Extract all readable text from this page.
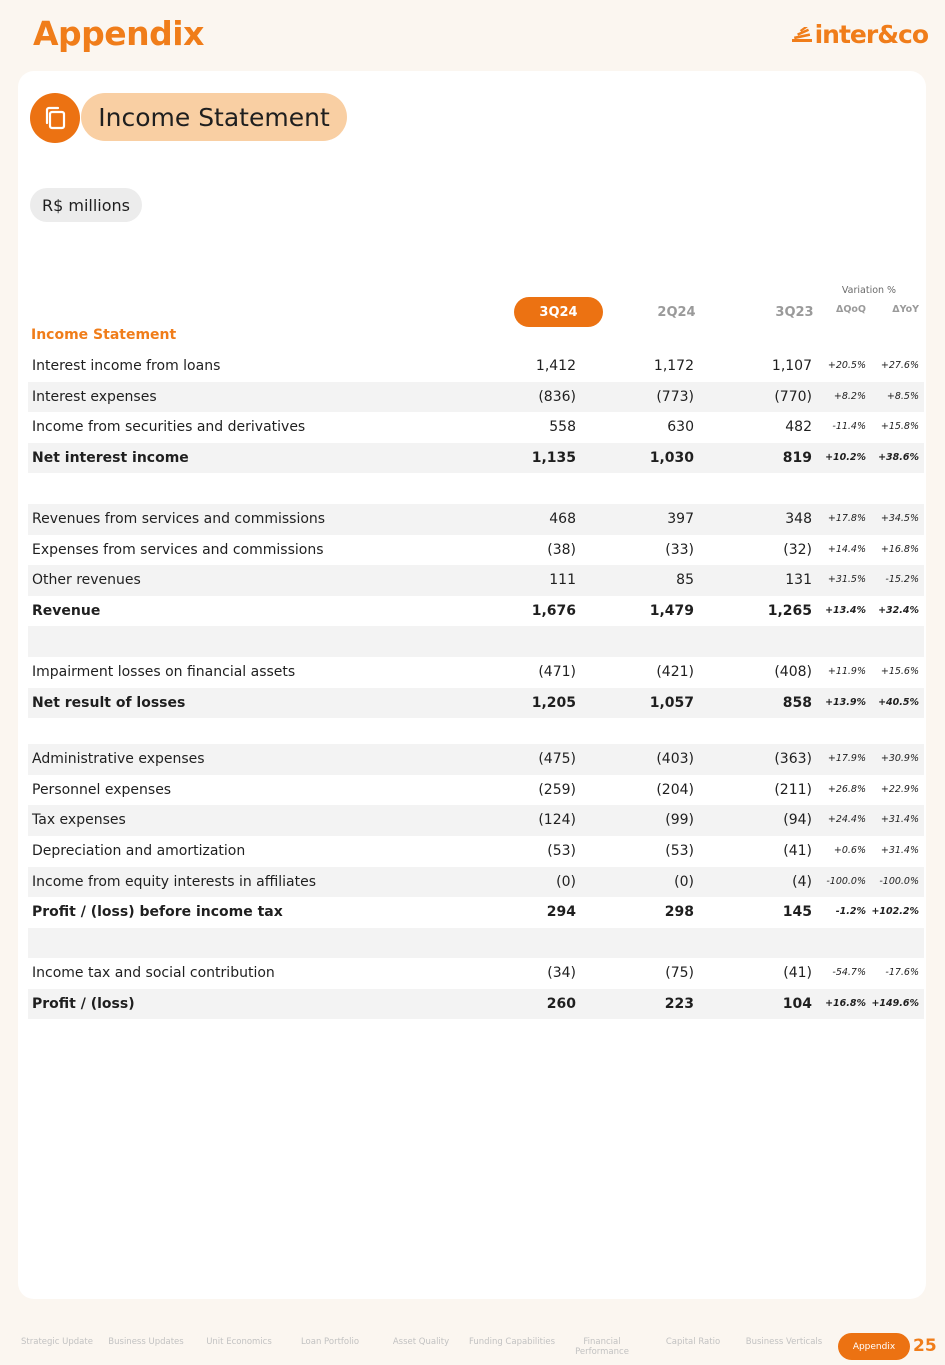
Appendix	inter&co
Income Statement
R$ millions
Variation %
3Q24	2Q24	3Q23	ΔQoQ	ΔYoY
Income Statement
Interest income from loans	1,412	1,172	1,107	+20.5%	+27.6%
Interest expenses	(836)	(773)	(770)	+8.2%	+8.5%
Income from securities and derivatives	558	630	482	-11.4%	+15.8%
Net interest income	1,135	1,030	819	+10.2%	+38.6%
Revenues from services and commissions	468	397	348	+17.8%	+34.5%
Expenses from services and commissions	(38)	(33)	(32)	+14.4%	+16.8%
Other revenues	111	85	131	+31.5%	-15.2%
Revenue	1,676	1,479	1,265	+13.4%	+32.4%
Impairment losses on financial assets	(471)	(421)	(408)	+11.9%	+15.6%
Net result of losses	1,205	1,057	858	+13.9%	+40.5%
Administrative expenses	(475)	(403)	(363)	+17.9%	+30.9%
Personnel expenses	(259)	(204)	(211)	+26.8%	+22.9%
Tax expenses	(124)	(99)	(94)	+24.4%	+31.4%
Depreciation and amortization	(53)	(53)	(41)	+0.6%	+31.4%
Income from equity interests in affiliates	(0)	(0)	(4)	-100.0%	-100.0%
Profit / (loss) before income tax	294	298	145	-1.2% +102.2%
Income tax and social contribution	(34)	(75)	(41)	-54.7%	-17.6%
Profit / (loss)	260	223	104	+16.8% +149.6%
Strategic Update	Business Updates	Unit Economics	Loan Portfolio	Asset Quality	Funding Capabilities	Financial Performance
Capital Ratio	Business Verticals	Appendix	25
